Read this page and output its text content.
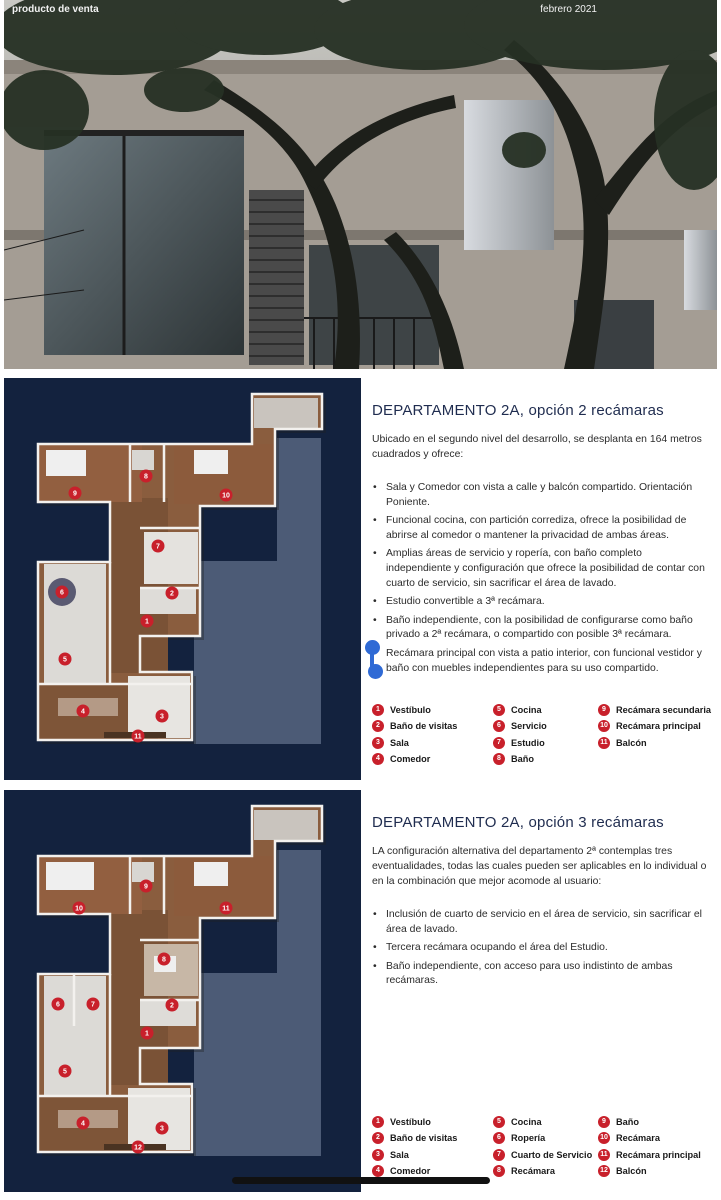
producto de venta	febrero 2021
1
2
3
4
5
6
7
8
9	10
11
DEPARTAMENTO 2A, opción 2 recámaras
Ubicado en el segundo nivel del desarrollo, se desplanta en 164 metros cuadrados y ofrece:
• Sala y Comedor con vista a calle y balcón compartido. Orientación Poniente.
• Funcional cocina, con partición corrediza, ofrece la posibilidad de abrirse al comedor o mantener la privacidad de ambas áreas.
• Amplias áreas de servicio y ropería, con baño completo independiente y configuración que ofrece la posibilidad de contar con cuarto de servicio, sin sacrificar el área de lavado.
• Estudio convertible a 3ª recámara.
• Baño independiente, con la posibilidad de configurarse como baño privado a 2ª recámara, o compartido con posible 3ª recámara.
• Recámara principal con vista a patio interior, con funcional vestidor y baño con muebles independientes para su uso compartido.
1	Vestíbulo
2	Baño de visitas
3	Sala
4	Comedor
5	Cocina
6	Servicio
7	Estudio
8	Baño
9	Recámara secundaria
10 Recámara principal
11 Balcón
1
2
3
4
5
6	7
8
9
10	11
12
DEPARTAMENTO 2A, opción 3 recámaras
LA configuración alternativa del departamento 2ª contemplas tres eventualidades, todas las cuales pueden ser aplicables en lo individual o en la combinación que mejor acomode al usuario:
• Inclusión de cuarto de servicio en el área de servicio, sin sacrificar el área de lavado.
• Tercera recámara ocupando el área del Estudio.
• Baño independiente, con acceso para uso indistinto de ambas recámaras.
1	Vestíbulo
2	Baño de visitas
3	Sala
4	Comedor
5	Cocina
6	Ropería
7	Cuarto de Servicio
8	Recámara
9	Baño
10 Recámara
11 Recámara principal
12 Balcón
